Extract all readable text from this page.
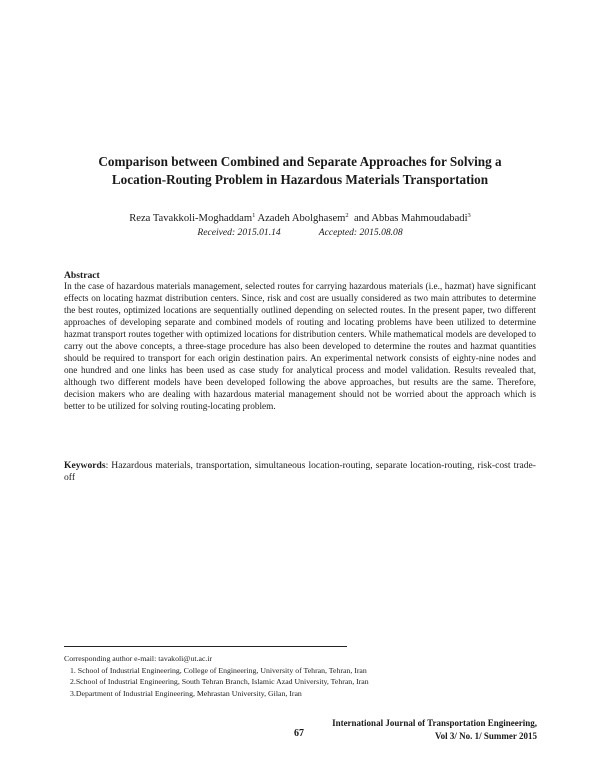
Comparison between Combined and Separate Approaches for Solving a
Location-Routing Problem in Hazardous Materials Transportation
Reza Tavakkoli-Moghaddam$^1$ Azadeh Abolghasem$^2$ and Abbas Mahmoudabadi$^3$
Received: 2015.01.14	Accepted: 2015.08.08
Abstract

In the case of hazardous materials management, selected routes for carrying hazardous materials (i.e., hazmat) have significant effects on locating hazmat distribution centers. Since, risk and cost are usually considered as two main attributes to determine the best routes, optimized locations are sequentially outlined depending on selected routes. In the present paper, two different approaches of developing separate and combined models of routing and locating problems have been utilized to determine hazmat transport routes together with optimized locations for distribution centers. While mathematical models are developed to carry out the above concepts, a three-stage procedure has also been developed to determine the routes and hazmat quantities should be required to transport for each origin destination pairs. An experimental network consists of eighty-nine nodes and one hundred and one links has been used as case study for analytical process and model validation. Results revealed that, although two different models have been developed following the above approaches, but results are the same. Therefore, decision makers who are dealing with hazardous material management should not be worried about the approach which is better to be utilized for solving routing-locating problem.

Keywords: Hazardous materials, transportation, simultaneous location-routing, separate location-routing, risk-cost trade-off

Corresponding author e-mail: tavakoli@ut.ac.ir
1. School of Industrial Engineering, College of Engineering, University of Tehran, Tehran, Iran
2.School of Industrial Engineering, South Tehran Branch, Islamic Azad University, Tehran, Iran
3.Department of Industrial Engineering, Mehrastan University, Gilan, Iran
67
International Journal of Transportation Engineering,
Vol 3/ No. 1/ Summer 2015
